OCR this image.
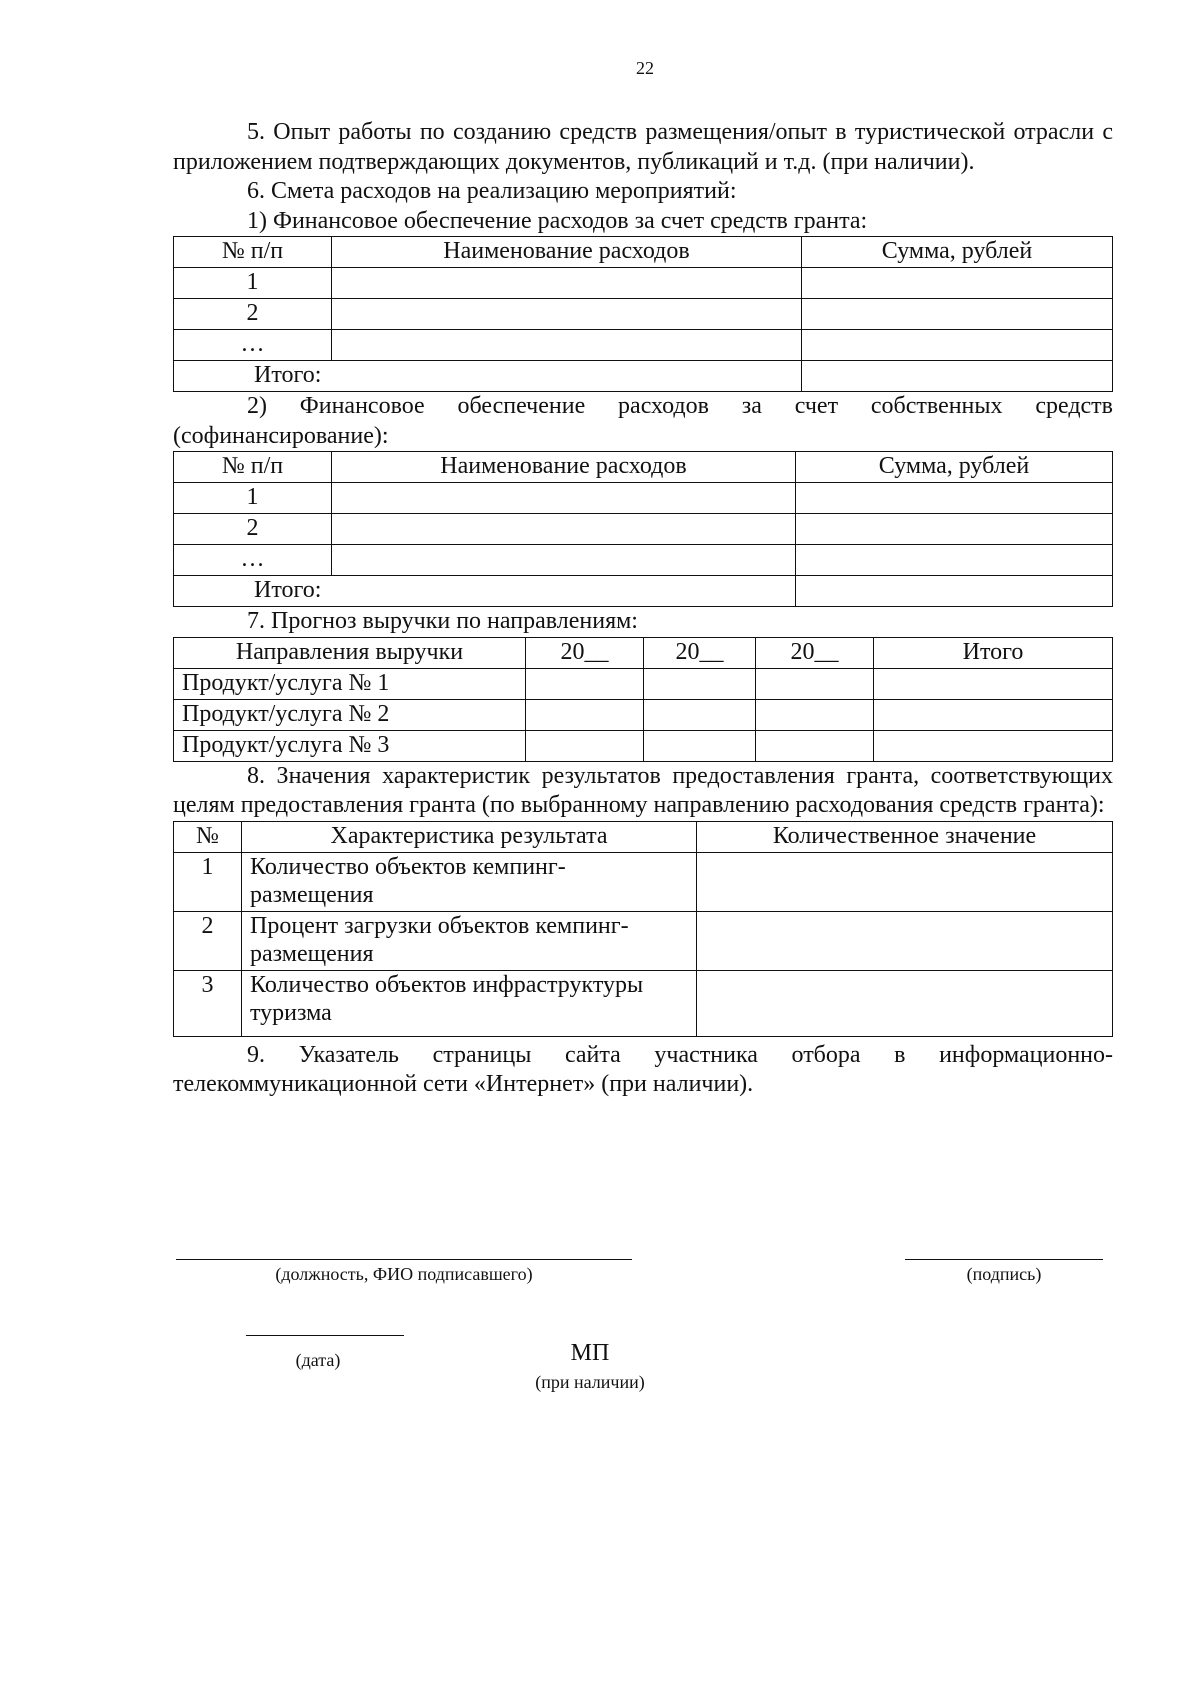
22

5. Опыт работы по созданию средств размещения/опыт в туристической отрасли с приложением подтверждающих документов, публикаций и т.д. (при наличии).

6. Смета расходов на реализацию мероприятий:

1) Финансовое обеспечение расходов за счет средств гранта:

№ п/п	Наименование расходов	Сумма, рублей
1		
2		
…		
Итого:		

2) Финансовое обеспечение расходов за счет собственных средств (софинансирование):

№ п/п	Наименование расходов	Сумма, рублей
1		
2		
…		
Итого:		

7. Прогноз выручки по направлениям:

Направления выручки	20__	20__	20__	Итого
Продукт/услуга № 1				
Продукт/услуга № 2				
Продукт/услуга № 3				

8. Значения характеристик результатов предоставления гранта, соответствующих целям предоставления гранта (по выбранному направлению расходования средств гранта):

№	Характеристика результата	Количественное значение
1	Количество объектов кемпинг-размещения	
2	Процент загрузки объектов кемпинг-размещения	
3	Количество объектов инфраструктуры туризма	

9. Указатель страницы сайта участника отбора в информационно-телекоммуникационной сети «Интернет» (при наличии).

(должность, ФИО подписавшего)	(подпись)
(дата)	МП
(при наличии)
